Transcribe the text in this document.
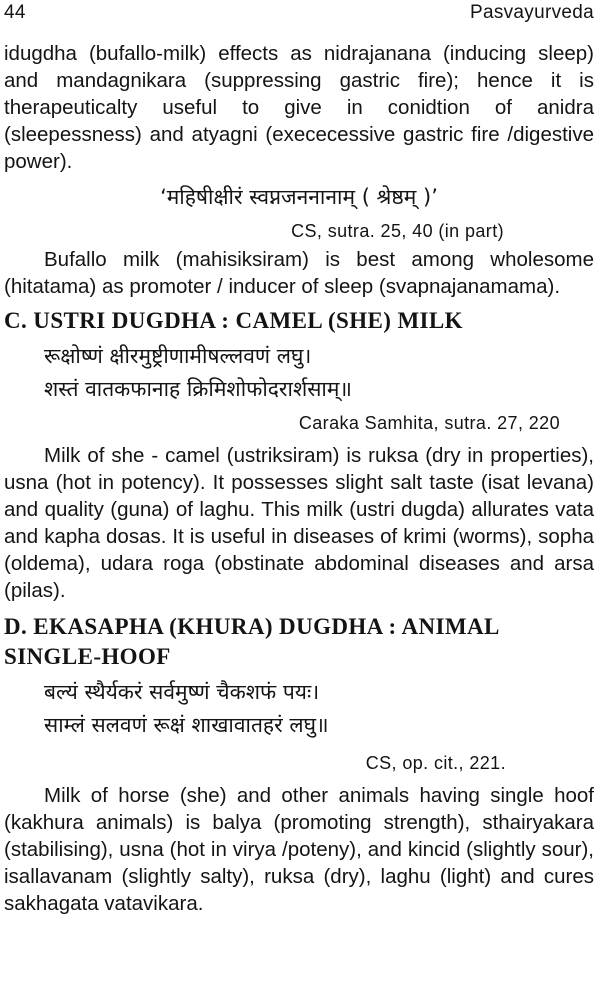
44	Pasvayurveda

idugdha (bufallo-milk) effects as nidrajanana (inducing sleep) and mandagnikara (suppressing gastric fire); hence it is therapeuticalty useful to give in conidtion of anidra (sleepessness) and atyagni (exececessive gastric fire /digestive power).

‘महिषीक्षीरं स्वप्नजननानाम् ( श्रेष्ठम् )’
CS, sutra. 25, 40 (in part)

Bufallo milk (mahisiksiram) is best among wholesome (hitatama) as promoter / inducer of sleep (svapnajanamama).

C. USTRI DUGDHA : CAMEL (SHE) MILK
रूक्षोष्णं क्षीरमुष्ट्रीणामीषल्लवणं लघु।
शस्तं वातकफानाह क्रिमिशोफोदरार्शसाम्॥
Caraka Samhita, sutra. 27, 220

Milk of she - camel (ustriksiram) is ruksa (dry in properties), usna (hot in potency). It possesses slight salt taste (isat levana) and quality (guna) of laghu. This milk (ustri dugda) allurates vata and kapha dosas. It is useful in diseases of krimi (worms), sopha (oldema), udara roga (obstinate abdominal diseases and arsa (pilas).

D. EKASAPHA (KHURA) DUGDHA : ANIMAL SINGLE-HOOF
बल्यं स्थैर्यकरं सर्वमुष्णं चैकशफं पयः।
साम्लं सलवणं रूक्षं शाखावातहरं लघु॥
CS, op. cit., 221.

Milk of horse (she) and other animals having single hoof (kakhura animals) is balya (promoting strength), sthairyakara (stabilising), usna (hot in virya /poteny), and kincid (slightly sour), isallavanam (slightly salty), ruksa (dry), laghu (light) and cures sakhagata vatavikara.
